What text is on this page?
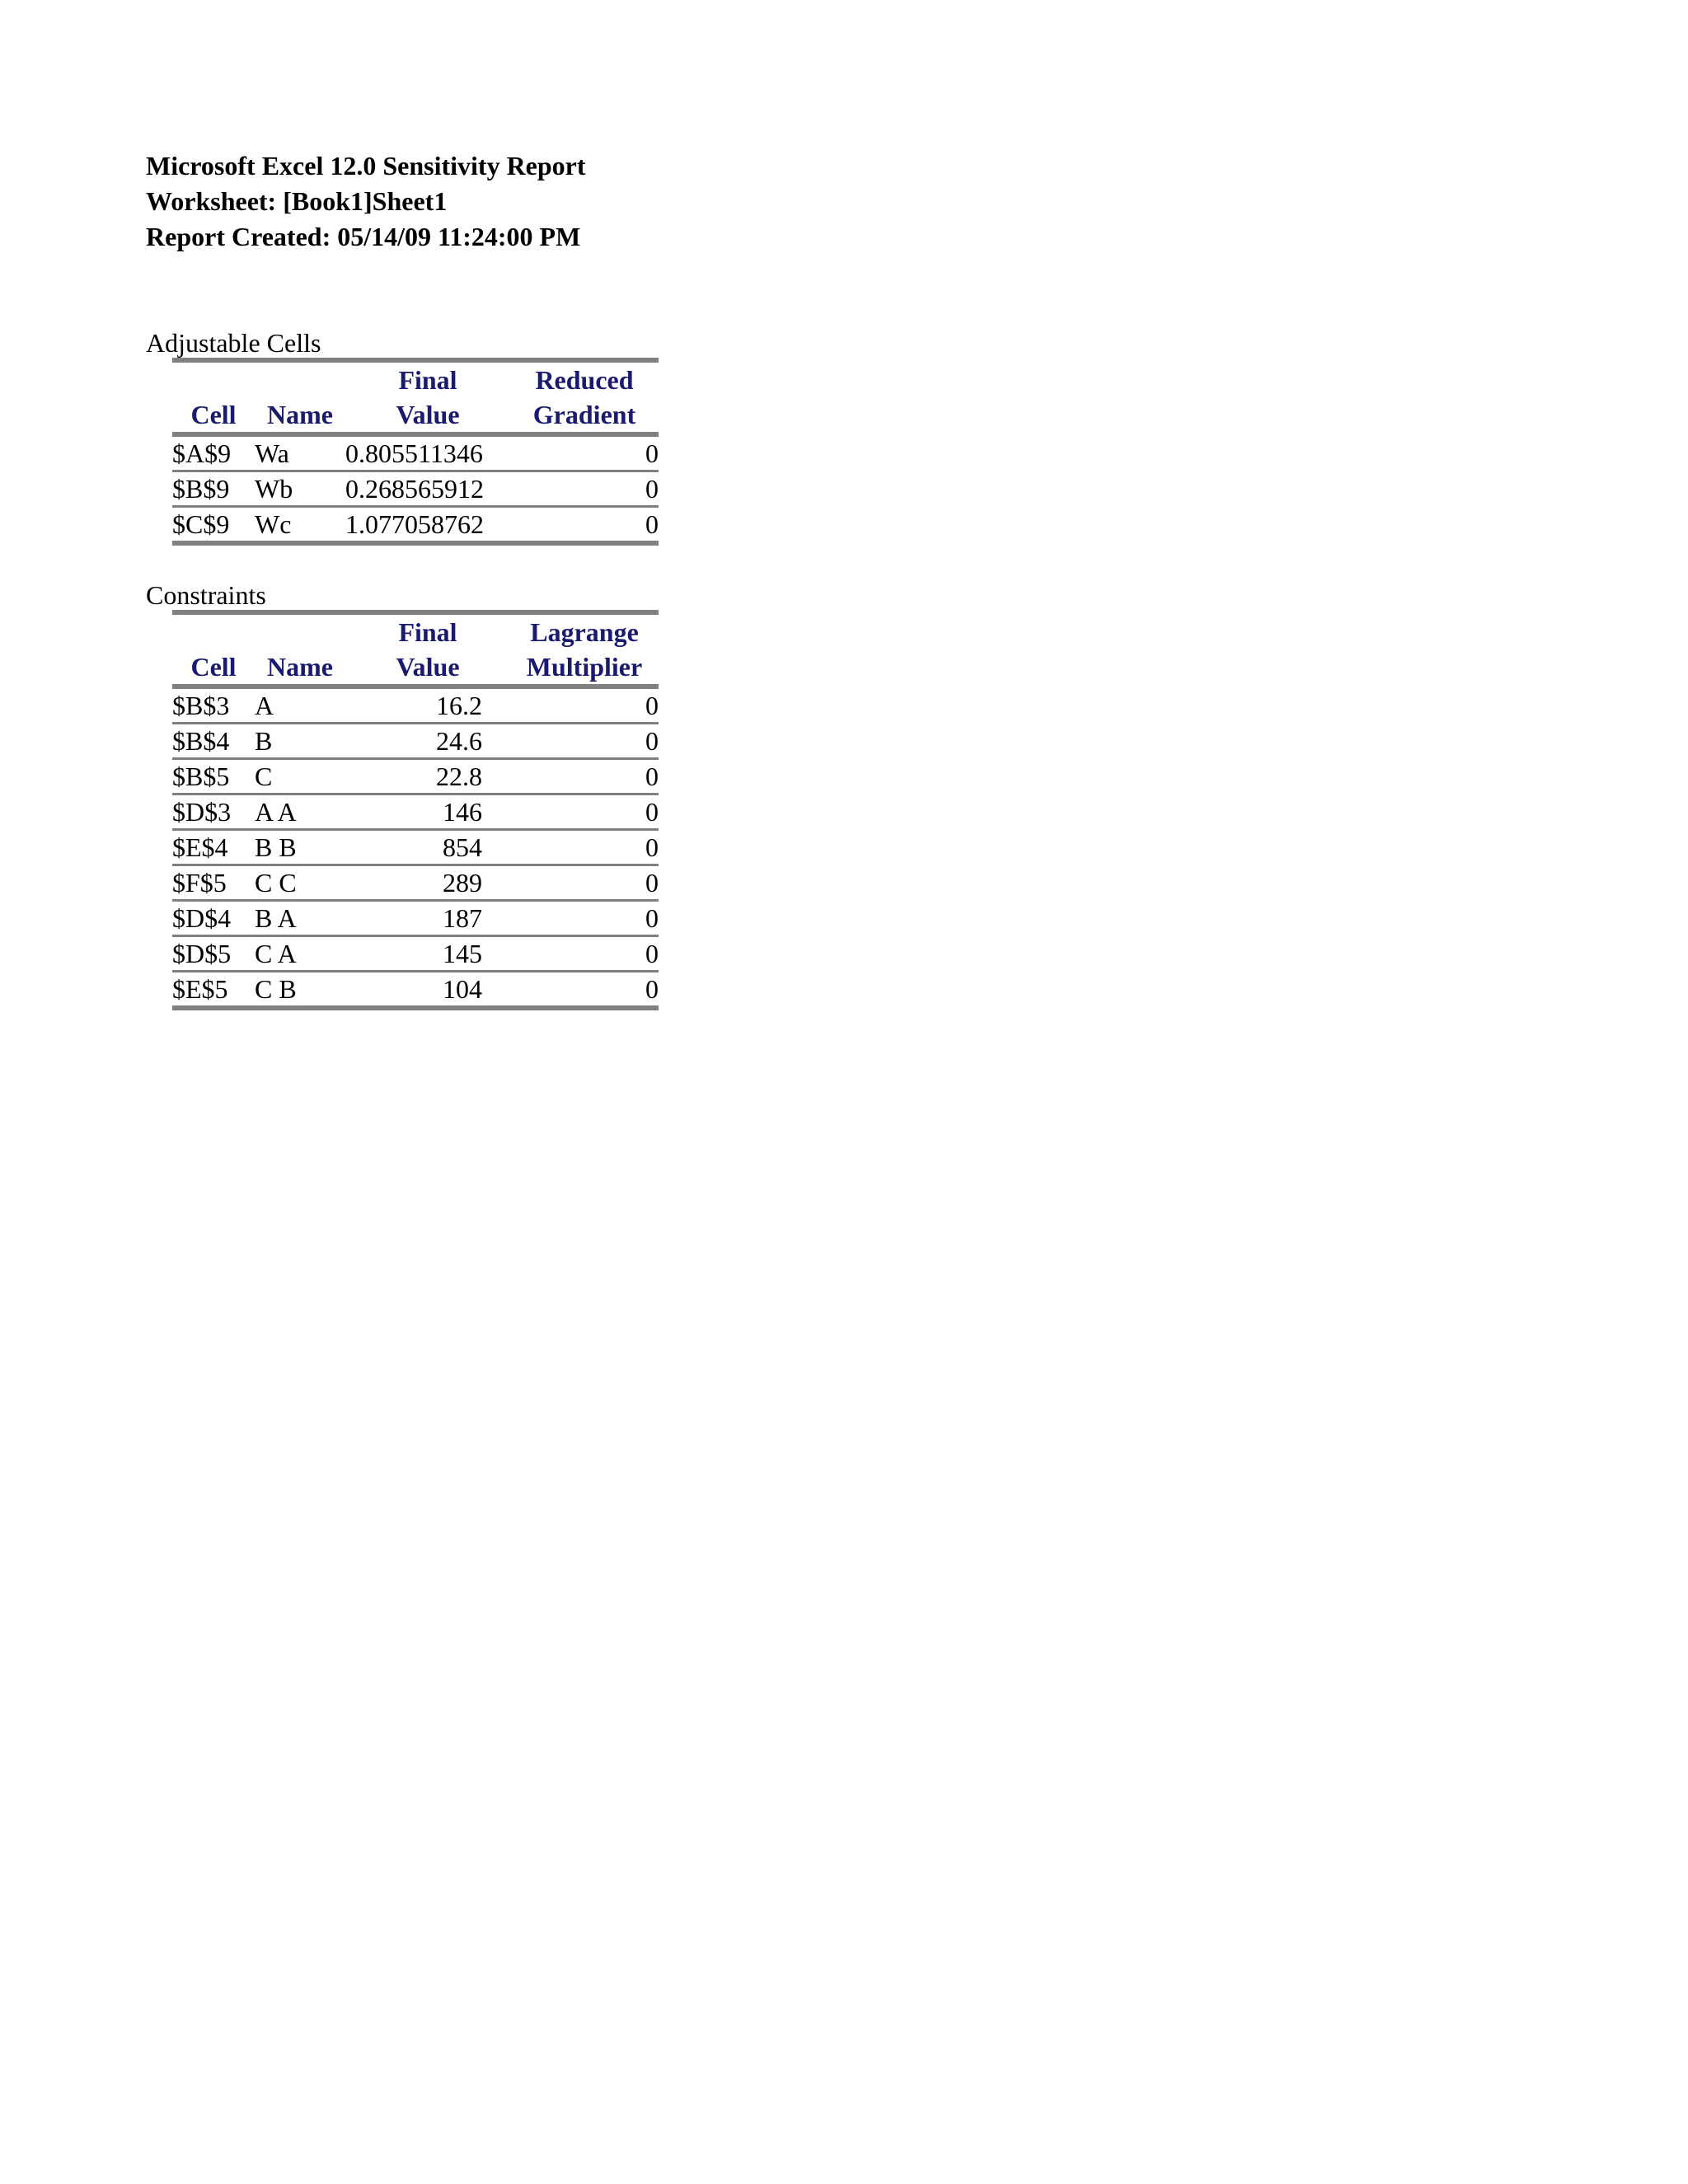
Microsoft Excel 12.0 Sensitivity Report
Worksheet: [Book1]Sheet1
Report Created: 05/14/09 11:24:00 PM
Adjustable Cells
		Final	Reduced
Cell	Name	Value	Gradient
$A$9	Wa	0.805511346	0
$B$9	Wb	0.268565912	0
$C$9	Wc	1.077058762	0
Constraints
		Final	Lagrange
Cell	Name	Value	Multiplier
$B$3	A	16.2	0
$B$4	B	24.6	0
$B$5	C	22.8	0
$D$3	A A	146	0
$E$4	B B	854	0
$F$5	C C	289	0
$D$4	B A	187	0
$D$5	C A	145	0
$E$5	C B	104	0
